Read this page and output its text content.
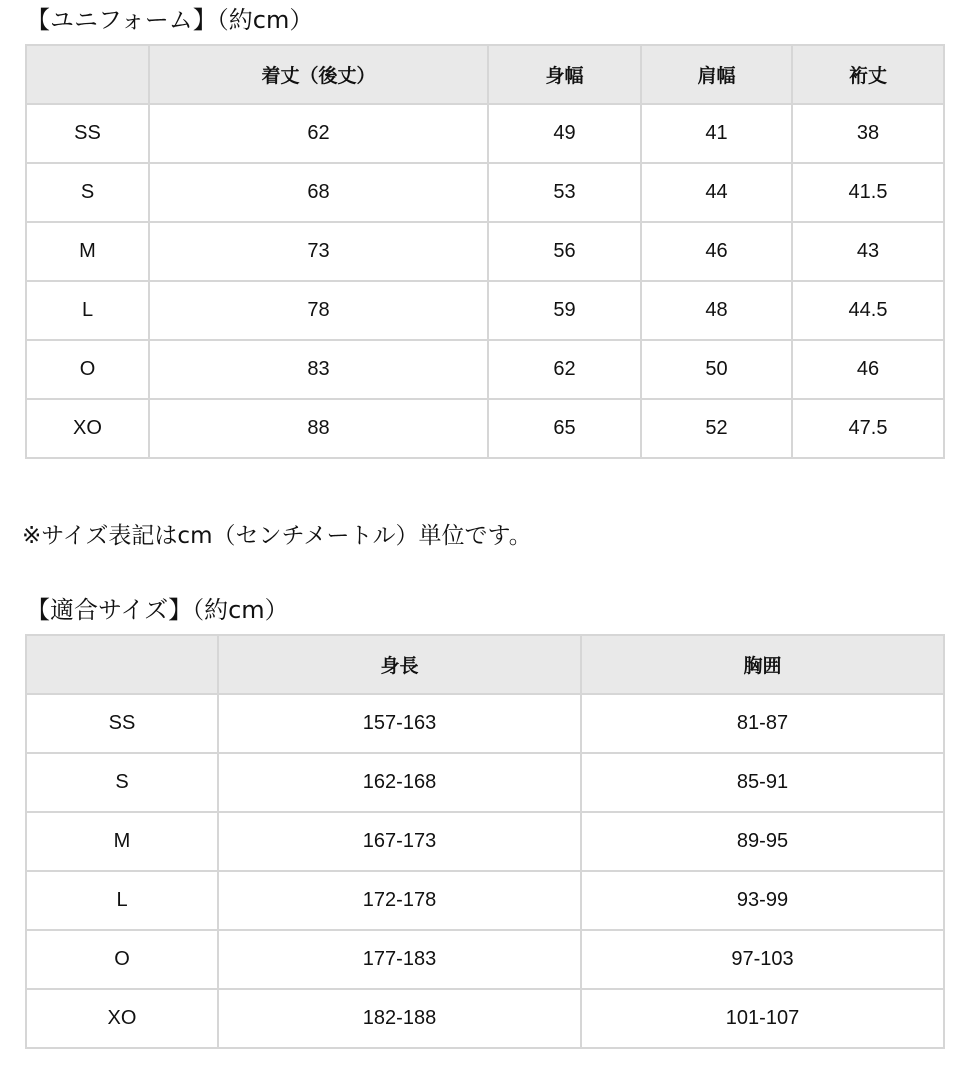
【ユニフォーム】（約cm）
	着丈（後丈）	身幅	肩幅	裄丈
SS	62	49	41	38
S	68	53	44	41.5
M	73	56	46	43
L	78	59	48	44.5
O	83	62	50	46
XO	88	65	52	47.5
※サイズ表記はcm（センチメートル）単位です。
【適合サイズ】（約cm）
	身長	胸囲
SS	157-163	81-87
S	162-168	85-91
M	167-173	89-95
L	172-178	93-99
O	177-183	97-103
XO	182-188	101-107
